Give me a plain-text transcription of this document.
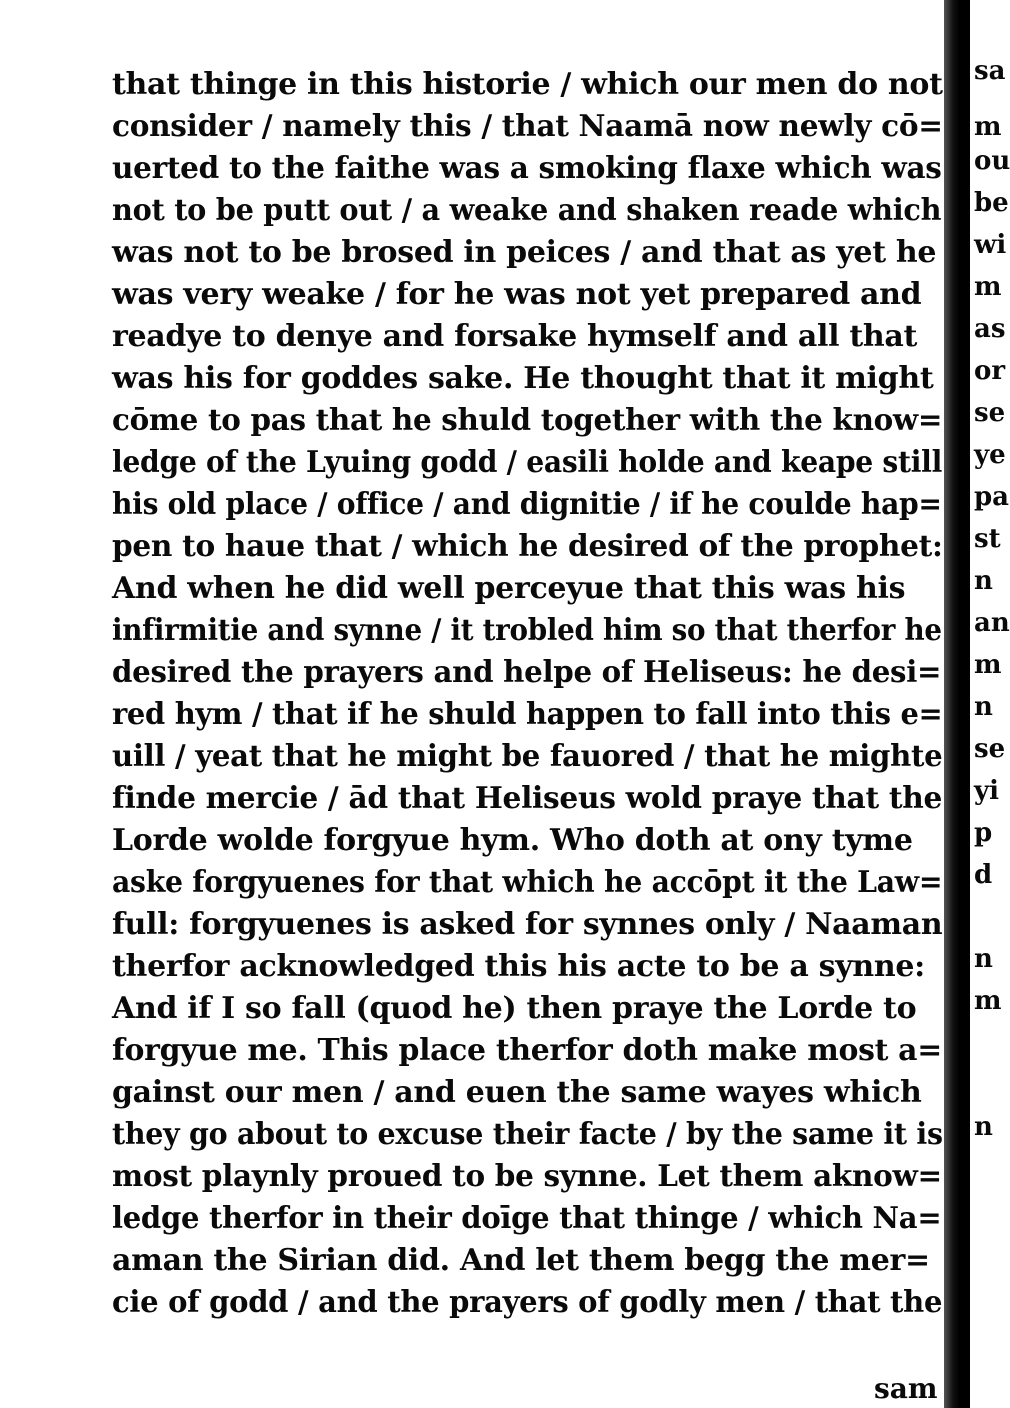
that thinge in this historie / which our men do not
consider / namely this / that Naamā now newly cō=
uerted to the faithe was a smoking flaxe which was
not to be putt out / a weake and shaken reade which
was not to be brosed in peices / and that as yet he
was very weake / for he was not yet prepared and
readye to denye and forsake hymself and all that
was his for goddes sake. He thought that it might
cōme to pas that he shuld together with the know=
ledge of the Lyuing godd / easili holde and keape still
his old place / office / and dignitie / if he coulde hap=
pen to haue that / which he desired of the prophet:
And when he did well perceyue that this was his
infirmitie and synne / it trobled him so that therfor he
desired the prayers and helpe of Heliseus: he desi=
red hym / that if he shuld happen to fall into this e=
uill / yeat that he might be fauored / that he mighte
finde mercie / ād that Heliseus wold praye that the
Lorde wolde forgyue hym. Who doth at ony tyme
aske forgyuenes for that which he accōpt it the Law=
full: forgyuenes is asked for synnes only / Naaman
therfor acknowledged this his acte to be a synne:
And if I so fall (quod he) then praye the Lorde to
forgyue me. This place therfor doth make most a=
gainst our men / and euen the same wayes which
they go about to excuse their facte / by the same it is
most playnly proued to be synne. Let them aknow=
ledge therfor in their doīge that thinge / which Na=
aman the Sirian did. And let them begg the mer=
cie of godd / and the prayers of godly men / that the
sam
sa
m
ou
be
wi
m
as
or
se
ye
pa
st
n
an
m
n
se
yi
p
d
n
m
n
